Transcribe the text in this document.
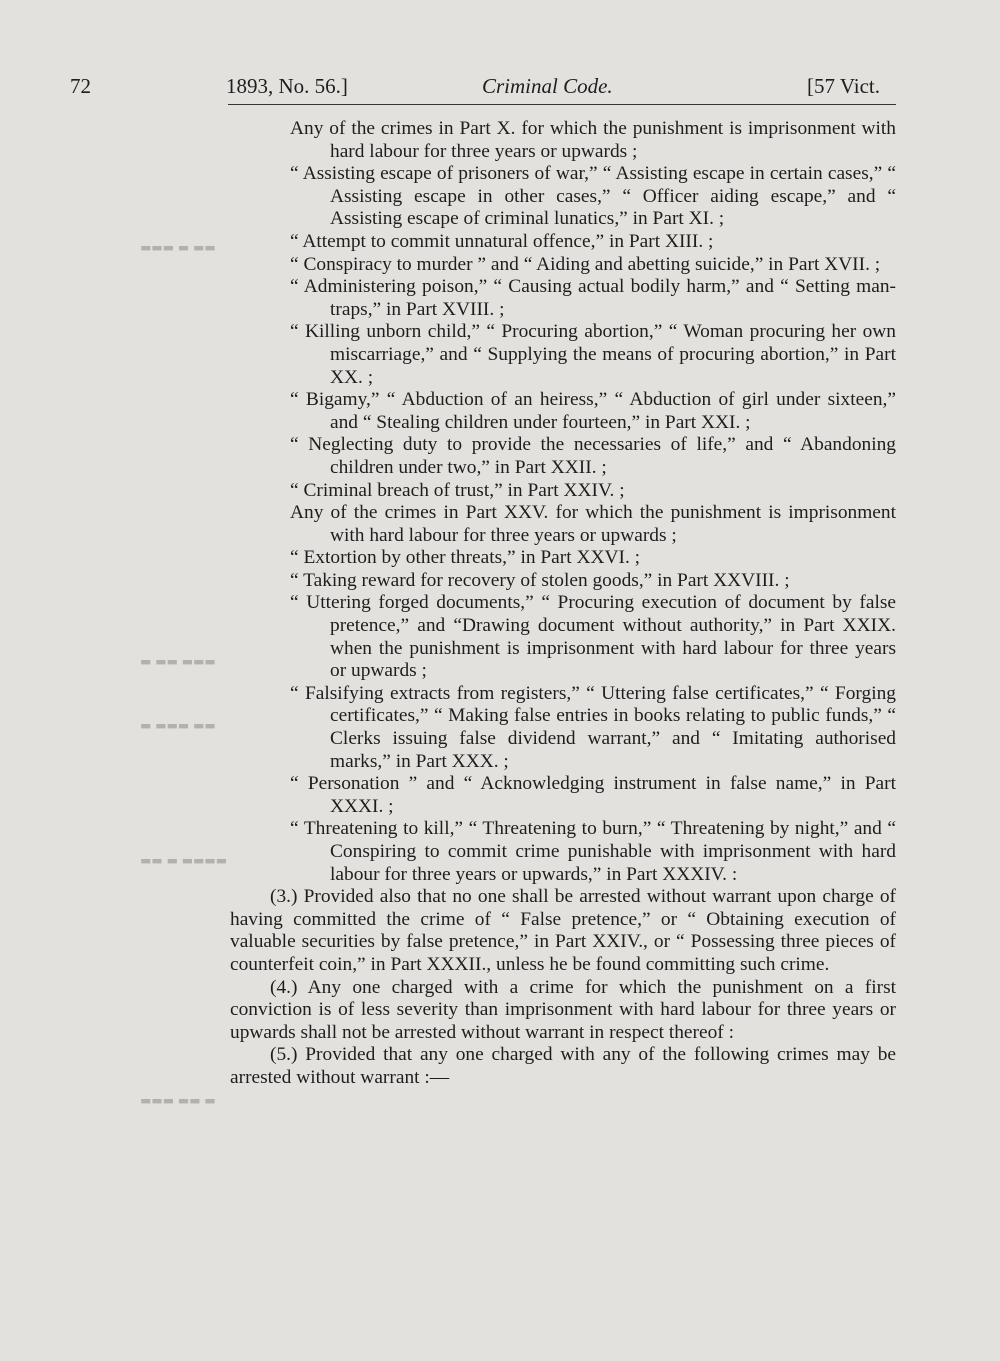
72	1893, No. 56.]	Criminal Code.	[57 Vict.
▬▬ ▬ ▬▬▬
▬▬▬ ▬▬ ▬
▬▬ ▬▬▬ ▬
▬▬▬▬ ▬ ▬▬
▬ ▬▬ ▬▬▬

Any of the crimes in Part X. for which the punishment is imprisonment with hard labour for three years or upwards ;

“ Assisting escape of prisoners of war,” “ Assisting escape in certain cases,” “ Assisting escape in other cases,” “ Officer aiding escape,” and “ Assisting escape of criminal lunatics,” in Part XI. ;

“ Attempt to commit unnatural offence,” in Part XIII. ;

“ Conspiracy to murder ” and “ Aiding and abetting suicide,” in Part XVII. ;

“ Administering poison,” “ Causing actual bodily harm,” and “ Setting man-traps,” in Part XVIII. ;

“ Killing unborn child,” “ Procuring abortion,” “ Woman procuring her own miscarriage,” and “ Supplying the means of procuring abortion,” in Part XX. ;

“ Bigamy,” “ Abduction of an heiress,” “ Abduction of girl under sixteen,” and “ Stealing children under fourteen,” in Part XXI. ;

“ Neglecting duty to provide the necessaries of life,” and “ Abandoning children under two,” in Part XXII. ;

“ Criminal breach of trust,” in Part XXIV. ;

Any of the crimes in Part XXV. for which the punishment is imprisonment with hard labour for three years or upwards ;

“ Extortion by other threats,” in Part XXVI. ;

“ Taking reward for recovery of stolen goods,” in Part XXVIII. ;

“ Uttering forged documents,” “ Procuring execution of document by false pretence,” and “Drawing document without authority,” in Part XXIX. when the punishment is imprisonment with hard labour for three years or upwards ;

“ Falsifying extracts from registers,” “ Uttering false certificates,” “ Forging certificates,” “ Making false entries in books relating to public funds,” “ Clerks issuing false dividend warrant,” and “ Imitating authorised marks,” in Part XXX. ;

“ Personation ” and “ Acknowledging instrument in false name,” in Part XXXI. ;

“ Threatening to kill,” “ Threatening to burn,” “ Threatening by night,” and “ Conspiring to commit crime punishable with imprisonment with hard labour for three years or upwards,” in Part XXXIV. :

(3.) Provided also that no one shall be arrested without warrant upon charge of having committed the crime of “ False pretence,” or “ Obtaining execution of valuable securities by false pretence,” in Part XXIV., or “ Possessing three pieces of counterfeit coin,” in Part XXXII., unless he be found committing such crime.

(4.) Any one charged with a crime for which the punishment on a first conviction is of less severity than imprisonment with hard labour for three years or upwards shall not be arrested without warrant in respect thereof :

(5.) Provided that any one charged with any of the following crimes may be arrested without warrant :—
